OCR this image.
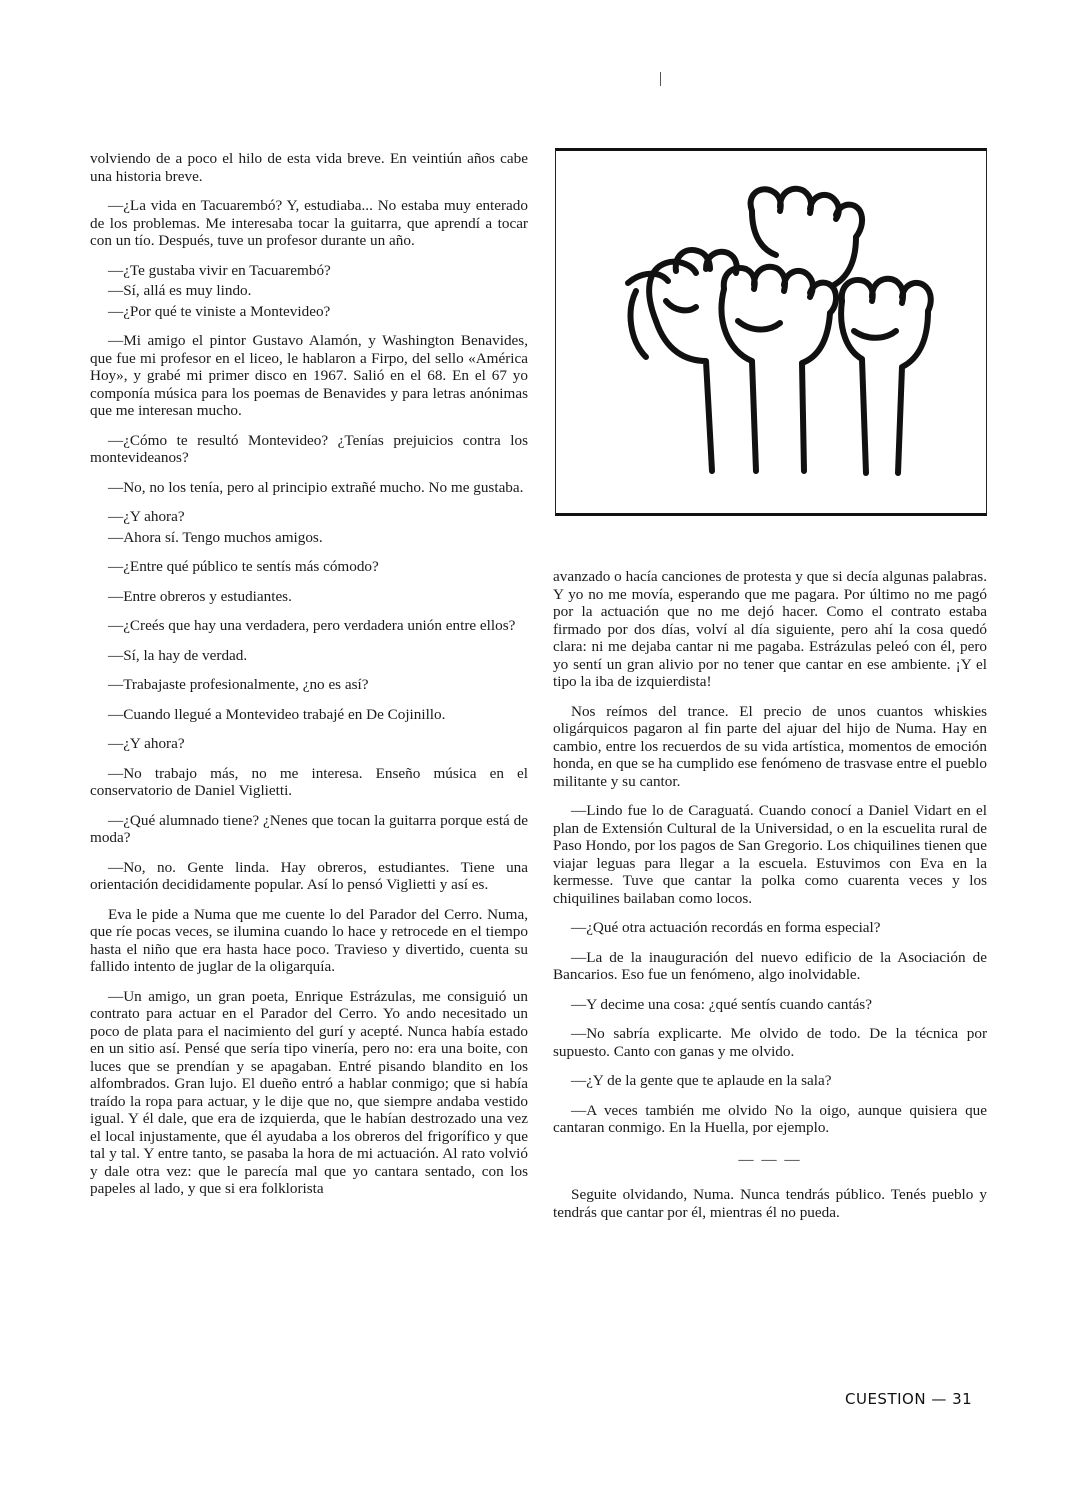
volviendo de a poco el hilo de esta vida breve. En veintiún años cabe una historia breve.

—¿La vida en Tacuarembó? Y, estudiaba... No estaba muy enterado de los problemas. Me interesaba tocar la guitarra, que aprendí a tocar con un tío. Después, tuve un profesor durante un año.

—¿Te gustaba vivir en Tacuarembó?

—Sí, allá es muy lindo.

—¿Por qué te viniste a Montevideo?

—Mi amigo el pintor Gustavo Alamón, y Washington Benavides, que fue mi profesor en el liceo, le hablaron a Firpo, del sello «América Hoy», y grabé mi primer disco en 1967. Salió en el 68. En el 67 yo componía música para los poemas de Benavides y para letras anónimas que me interesan mucho.

—¿Cómo te resultó Montevideo? ¿Tenías prejuicios contra los montevideanos?

—No, no los tenía, pero al principio extrañé mucho. No me gustaba.

—¿Y ahora?

—Ahora sí. Tengo muchos amigos.

—¿Entre qué público te sentís más cómodo?

—Entre obreros y estudiantes.

—¿Creés que hay una verdadera, pero verdadera unión entre ellos?

—Sí, la hay de verdad.

—Trabajaste profesionalmente, ¿no es así?

—Cuando llegué a Montevideo trabajé en De Cojinillo.

—¿Y ahora?

—No trabajo más, no me interesa. Enseño música en el conservatorio de Daniel Viglietti.

—¿Qué alumnado tiene? ¿Nenes que tocan la guitarra porque está de moda?

—No, no. Gente linda. Hay obreros, estudiantes. Tiene una orientación decididamente popular. Así lo pensó Viglietti y así es.

Eva le pide a Numa que me cuente lo del Parador del Cerro. Numa, que ríe pocas veces, se ilumina cuando lo hace y retrocede en el tiempo hasta el niño que era hasta hace poco. Travieso y divertido, cuenta su fallido intento de juglar de la oligarquía.

—Un amigo, un gran poeta, Enrique Estrázulas, me consiguió un contrato para actuar en el Parador del Cerro. Yo ando necesitado un poco de plata para el nacimiento del gurí y acepté. Nunca había estado en un sitio así. Pensé que sería tipo vinería, pero no: era una boite, con luces que se prendían y se apagaban. Entré pisando blandito en los alfombrados. Gran lujo. El dueño entró a hablar conmigo; que si había traído la ropa para actuar, y le dije que no, que siempre andaba vestido igual. Y él dale, que era de izquierda, que le habían destrozado una vez el local injustamente, que él ayudaba a los obreros del frigorífico y que tal y tal. Y entre tanto, se pasaba la hora de mi actuación. Al rato volvió y dale otra vez: que le parecía mal que yo cantara sentado, con los papeles al lado, y que si era folklorista

avanzado o hacía canciones de protesta y que si decía algunas palabras. Y yo no me movía, esperando que me pagara. Por último no me pagó por la actuación que no me dejó hacer. Como el contrato estaba firmado por dos días, volví al día siguiente, pero ahí la cosa quedó clara: ni me dejaba cantar ni me pagaba. Estrázulas peleó con él, pero yo sentí un gran alivio por no tener que cantar en ese ambiente. ¡Y el tipo la iba de izquierdista!

Nos reímos del trance. El precio de unos cuantos whiskies oligárquicos pagaron al fin parte del ajuar del hijo de Numa. Hay en cambio, entre los recuerdos de su vida artística, momentos de emoción honda, en que se ha cumplido ese fenómeno de trasvase entre el pueblo militante y su cantor.

—Lindo fue lo de Caraguatá. Cuando conocí a Daniel Vidart en el plan de Extensión Cultural de la Universidad, o en la escuelita rural de Paso Hondo, por los pagos de San Gregorio. Los chiquilines tienen que viajar leguas para llegar a la escuela. Estuvimos con Eva en la kermesse. Tuve que cantar la polka como cuarenta veces y los chiquilines bailaban como locos.

—¿Qué otra actuación recordás en forma especial?

—La de la inauguración del nuevo edificio de la Asociación de Bancarios. Eso fue un fenómeno, algo inolvidable.

—Y decime una cosa: ¿qué sentís cuando cantás?

—No sabría explicarte. Me olvido de todo. De la técnica por supuesto. Canto con ganas y me olvido.

—¿Y de la gente que te aplaude en la sala?

—A veces también me olvido No la oigo, aunque quisiera que cantaran conmigo. En la Huella, por ejemplo.

— — —

Seguite olvidando, Numa. Nunca tendrás público. Tenés pueblo y tendrás que cantar por él, mientras él no pueda.

CUESTION — 31
